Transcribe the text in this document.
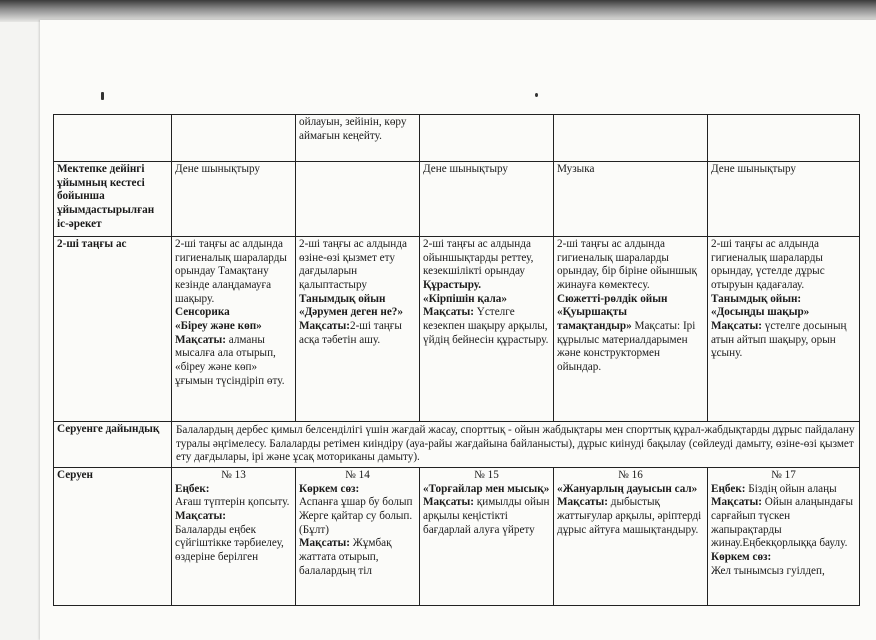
		ойлауын, зейінін, көру аймағын кеңейту.			
Мектепке дейінгі ұйымның кестесі бойынша ұйымдастырылған іс-әрекет	Дене шынықтыру		Дене шынықтыру	Музыка	Дене шынықтыру
2-ші таңғы ас	2-ші таңғы ас алдында гигиеналық шараларды орындау Тамақтану кезінде алаңдамауға шақыру.
Сенсорика
«Біреу және көп»
Мақсаты: алманы мысалға ала отырып, «біреу және көп» ұғымын түсіндіріп өту.	2-ші таңғы ас алдында өзіне-өзі қызмет ету дағдыларын қалыптастыру
Танымдық ойын
«Дәрумен деген не?»
Мақсаты:2-ші таңғы асқа тәбетін ашу.	2-ші таңғы ас алдында ойыншықтарды реттеу, кезекшілікті орындау
Құрастыру.
«Кірпішін қала»
Мақсаты: Үстелге кезекпен шақыру арқылы, үйдің бейнесін құрастыру.	2-ші таңғы ас алдында гигиеналық шараларды орындау, бір біріне ойыншық жинауға көмектесу.
Сюжетті-рөлдік ойын
«Қуыршақты тамақтандыр» Мақсаты: Ірі құрылыс материалдарымен және конструктормен ойындар.	2-ші таңғы ас алдында гигиеналық шараларды орындау, үстелде дұрыс отыруын қадағалау.
Танымдық ойын:
«Досыңды шақыр»
Мақсаты: үстелге досының атын айтып шақыру, орын ұсыну.
Серуенге дайындық	Балалардың дербес қимыл белсенділігі үшін жағдай жасау, спорттық - ойын жабдықтары мен спорттық құрал-жабдықтарды дұрыс пайдалану туралы әңгімелесу. Балаларды ретімен киіндіру (ауа-райы жағдайына байланысты), дұрыс киінуді бақылау (сөйлеуді дамыту, өзіне-өзі қызмет ету дағдылары, ірі және ұсақ моториканы дамыту).				
Серуен	№ 13
Еңбек:
Ағаш түптерін қопсыту.
Мақсаты:
Балаларды еңбек сүйгіштікке тәрбиелеу, өздеріне берілген	№ 14
Көркем сөз:
Аспанға ұшар бу болып Жерге қайтар су болып. (Бұлт)
Мақсаты: Жұмбақ жаттата отырып, балалардың тіл	№ 15
«Торғайлар мен мысық»
Мақсаты: қимылды ойын арқылы кеңістікті бағдарлай алуға үйрету	№ 16
«Жануарлың дауысын сал»
Мақсаты: дыбыстық жаттығулар арқылы, әріптерді дұрыс айтуға машықтандыру.	№ 17
Еңбек: Біздің ойын алаңы
Мақсаты: Ойын алаңындағы сарғайып түскен жапырақтарды жинау.Еңбекқорлыққа баулу.
Көркем сөз:
Жел тынымсыз гуілдеп,
